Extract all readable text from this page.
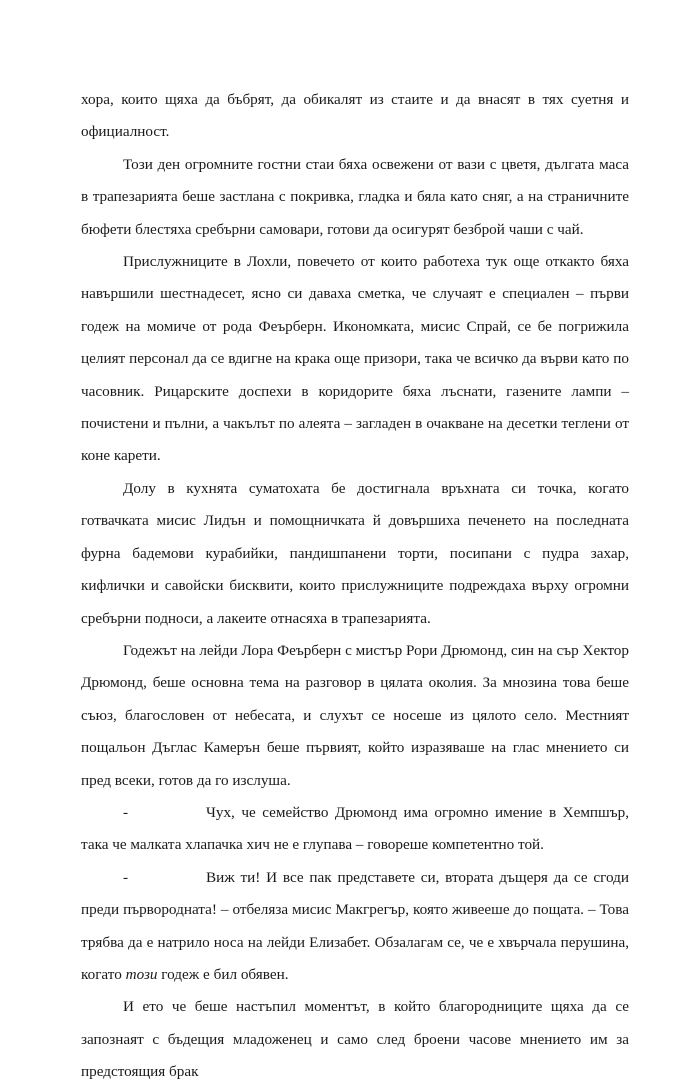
хора, които щяха да бъбрят, да обикалят из стаите и да внасят в тях суетня и официалност.

Този ден огромните гостни стаи бяха освежени от вази с цветя, дългата маса в трапезарията беше застлана с покривка, гладка и бяла като сняг, а на страничните бюфети блестяха сребърни самовари, готови да осигурят безброй чаши с чай.

Прислужниците в Лохли, повечето от които работеха тук още откакто бяха навършили шестнадесет, ясно си даваха сметка, че случаят е специален – първи годеж на момиче от рода Феърберн. Икономката, мисис Спрай, се бе погрижила целият персонал да се вдигне на крака още призори, така че всичко да върви като по часовник. Рицарските доспехи в коридорите бяха лъснати, газените лампи – почистени и пълни, а чакълът по алеята – загладен в очакване на десетки теглени от коне карети.

Долу в кухнята суматохата бе достигнала връхната си точка, когато готвачката мисис Лидън и помощничката й довършиха печенето на последната фурна бадемови курабийки, пандишпанени торти, посипани с пудра захар, кифлички и савойски бисквити, които прислужниците подреждаха върху огромни сребърни подноси, а лакеите отнасяха в трапезарията.

Годежът на лейди Лора Феърберн с мистър Рори Дрюмонд, син на сър Хектор Дрюмонд, беше основна тема на разговор в цялата околия. За мнозина това беше съюз, благословен от небесата, и слухът се носеше из цялото село. Местният пощальон Дъглас Камерън беше първият, който изразяваше на глас мнението си пред всеки, готов да го изслуша.

-	Чух, че семейство Дрюмонд има огромно имение в Хемпшър, така че малката хлапачка хич не е глупава – говореше компетентно той.

-	Виж ти! И все пак представете си, втората дъщеря да се сгоди преди първородната! – отбеляза мисис Макгрегър, която живееше до пощата. – Това трябва да е натрило носа на лейди Елизабет. Обзалагам се, че е хвърчала перушина, когато този годеж е бил обявен.

И ето че беше настъпил моментът, в който благородниците щяха да се запознаят с бъдещия младоженец и само след броени часове мнението им за предстоящия брак
